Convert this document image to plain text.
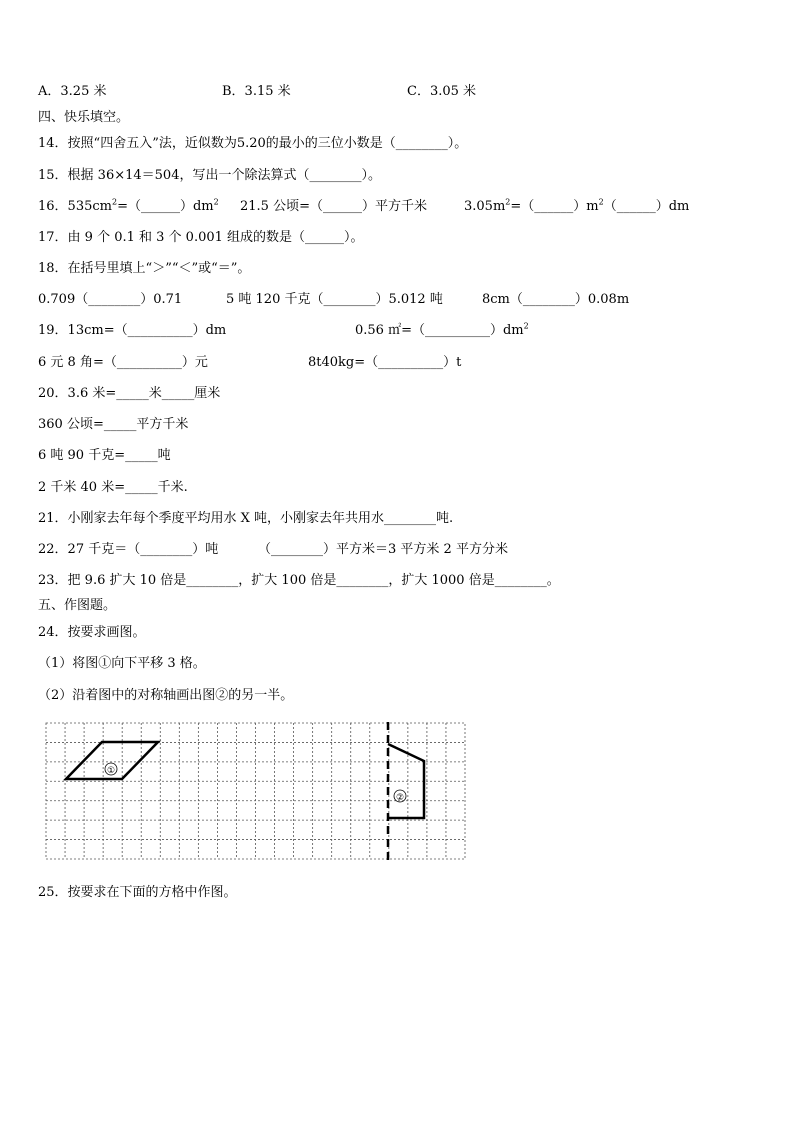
A．3.25 米	B．3.15 米	C．3.05 米
四、快乐填空。
14．按照“四舍五入”法，近似数为5.20的最小的三位小数是（________）。
15．根据 36×14＝504，写出一个除法算式（________）。
16．$535cm^2=(\_\_\_\_\_\_)dm^2$ 21.5 公顷=（______）平方千米	$3.05m^2=(\_\_\_\_\_\_)m^2(\_\_\_\_\_\_)dm$
17．由 9 个 0.1 和 3 个 0.001 组成的数是（______）。
18．在括号里填上“＞”“＜”或“＝”。
0.709（________）0.71	5 吨 120 千克（________）5.012 吨	8cm（________）0.08m
19．13cm=（__________）dm	0.56 $㎡=(\_\_\_\_\_\_\_\_\_\_)dm^2$
6 元 8 角=（__________）元	8t40kg=（__________）t
20．3.6 米=_____米_____厘米
360 公顷=_____平方千米
6 吨 90 千克=_____吨
2 千米 40 米=_____千米.
21．小刚家去年每个季度平均用水 X 吨，小刚家去年共用水________吨.
22．27 千克＝（________）吨	（________）平方米＝3 平方米 2 平方分米
23．把 9.6 扩大 10 倍是________，扩大 100 倍是________，扩大 1000 倍是________。
五、作图题。
24．按要求画图。
（1）将图①向下平移 3 格。
（2）沿着图中的对称轴画出图②的另一半。
①
②
25．按要求在下面的方格中作图。
